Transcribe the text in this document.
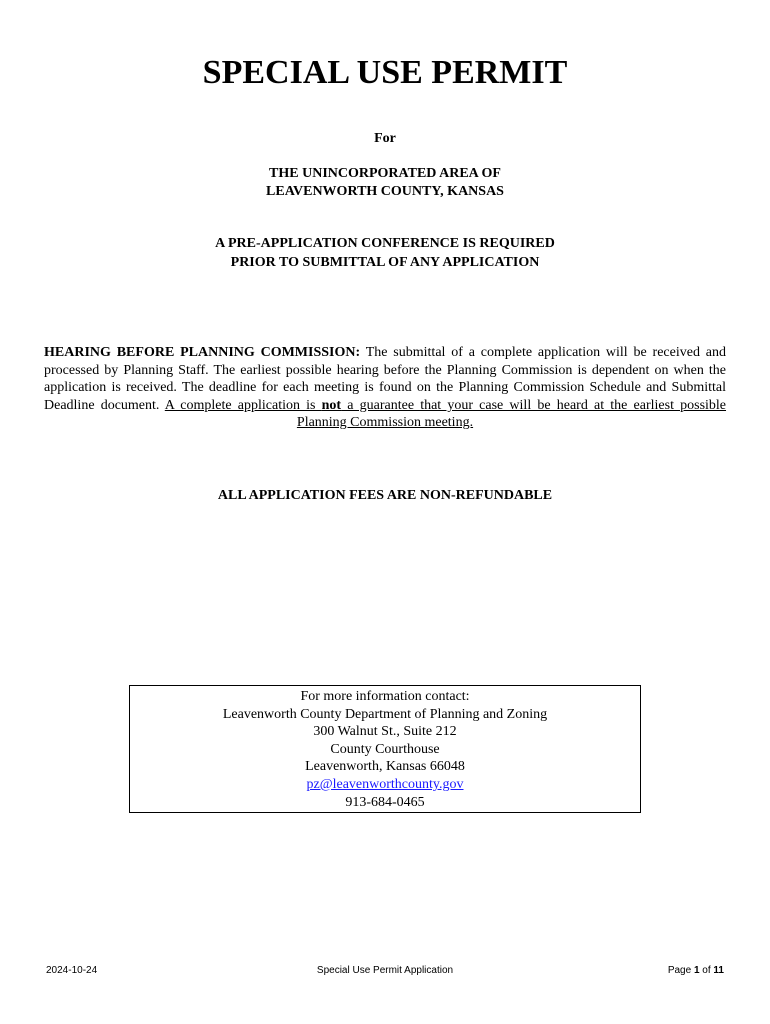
SPECIAL USE PERMIT
For
THE UNINCORPORATED AREA OF
LEAVENWORTH COUNTY, KANSAS
A PRE-APPLICATION CONFERENCE IS REQUIRED
PRIOR TO SUBMITTAL OF ANY APPLICATION
HEARING BEFORE PLANNING COMMISSION: The submittal of a complete application will be received and processed by Planning Staff. The earliest possible hearing before the Planning Commission is dependent on when the application is received. The deadline for each meeting is found on the Planning Commission Schedule and Submittal Deadline document. A complete application is not a guarantee that your case will be heard at the earliest possible Planning Commission meeting.
ALL APPLICATION FEES ARE NON-REFUNDABLE
For more information contact:
Leavenworth County Department of Planning and Zoning
300 Walnut St., Suite 212
County Courthouse
Leavenworth, Kansas 66048
pz@leavenworthcounty.gov
913-684-0465
2024-10-24	Special Use Permit Application	Page 1 of 11
